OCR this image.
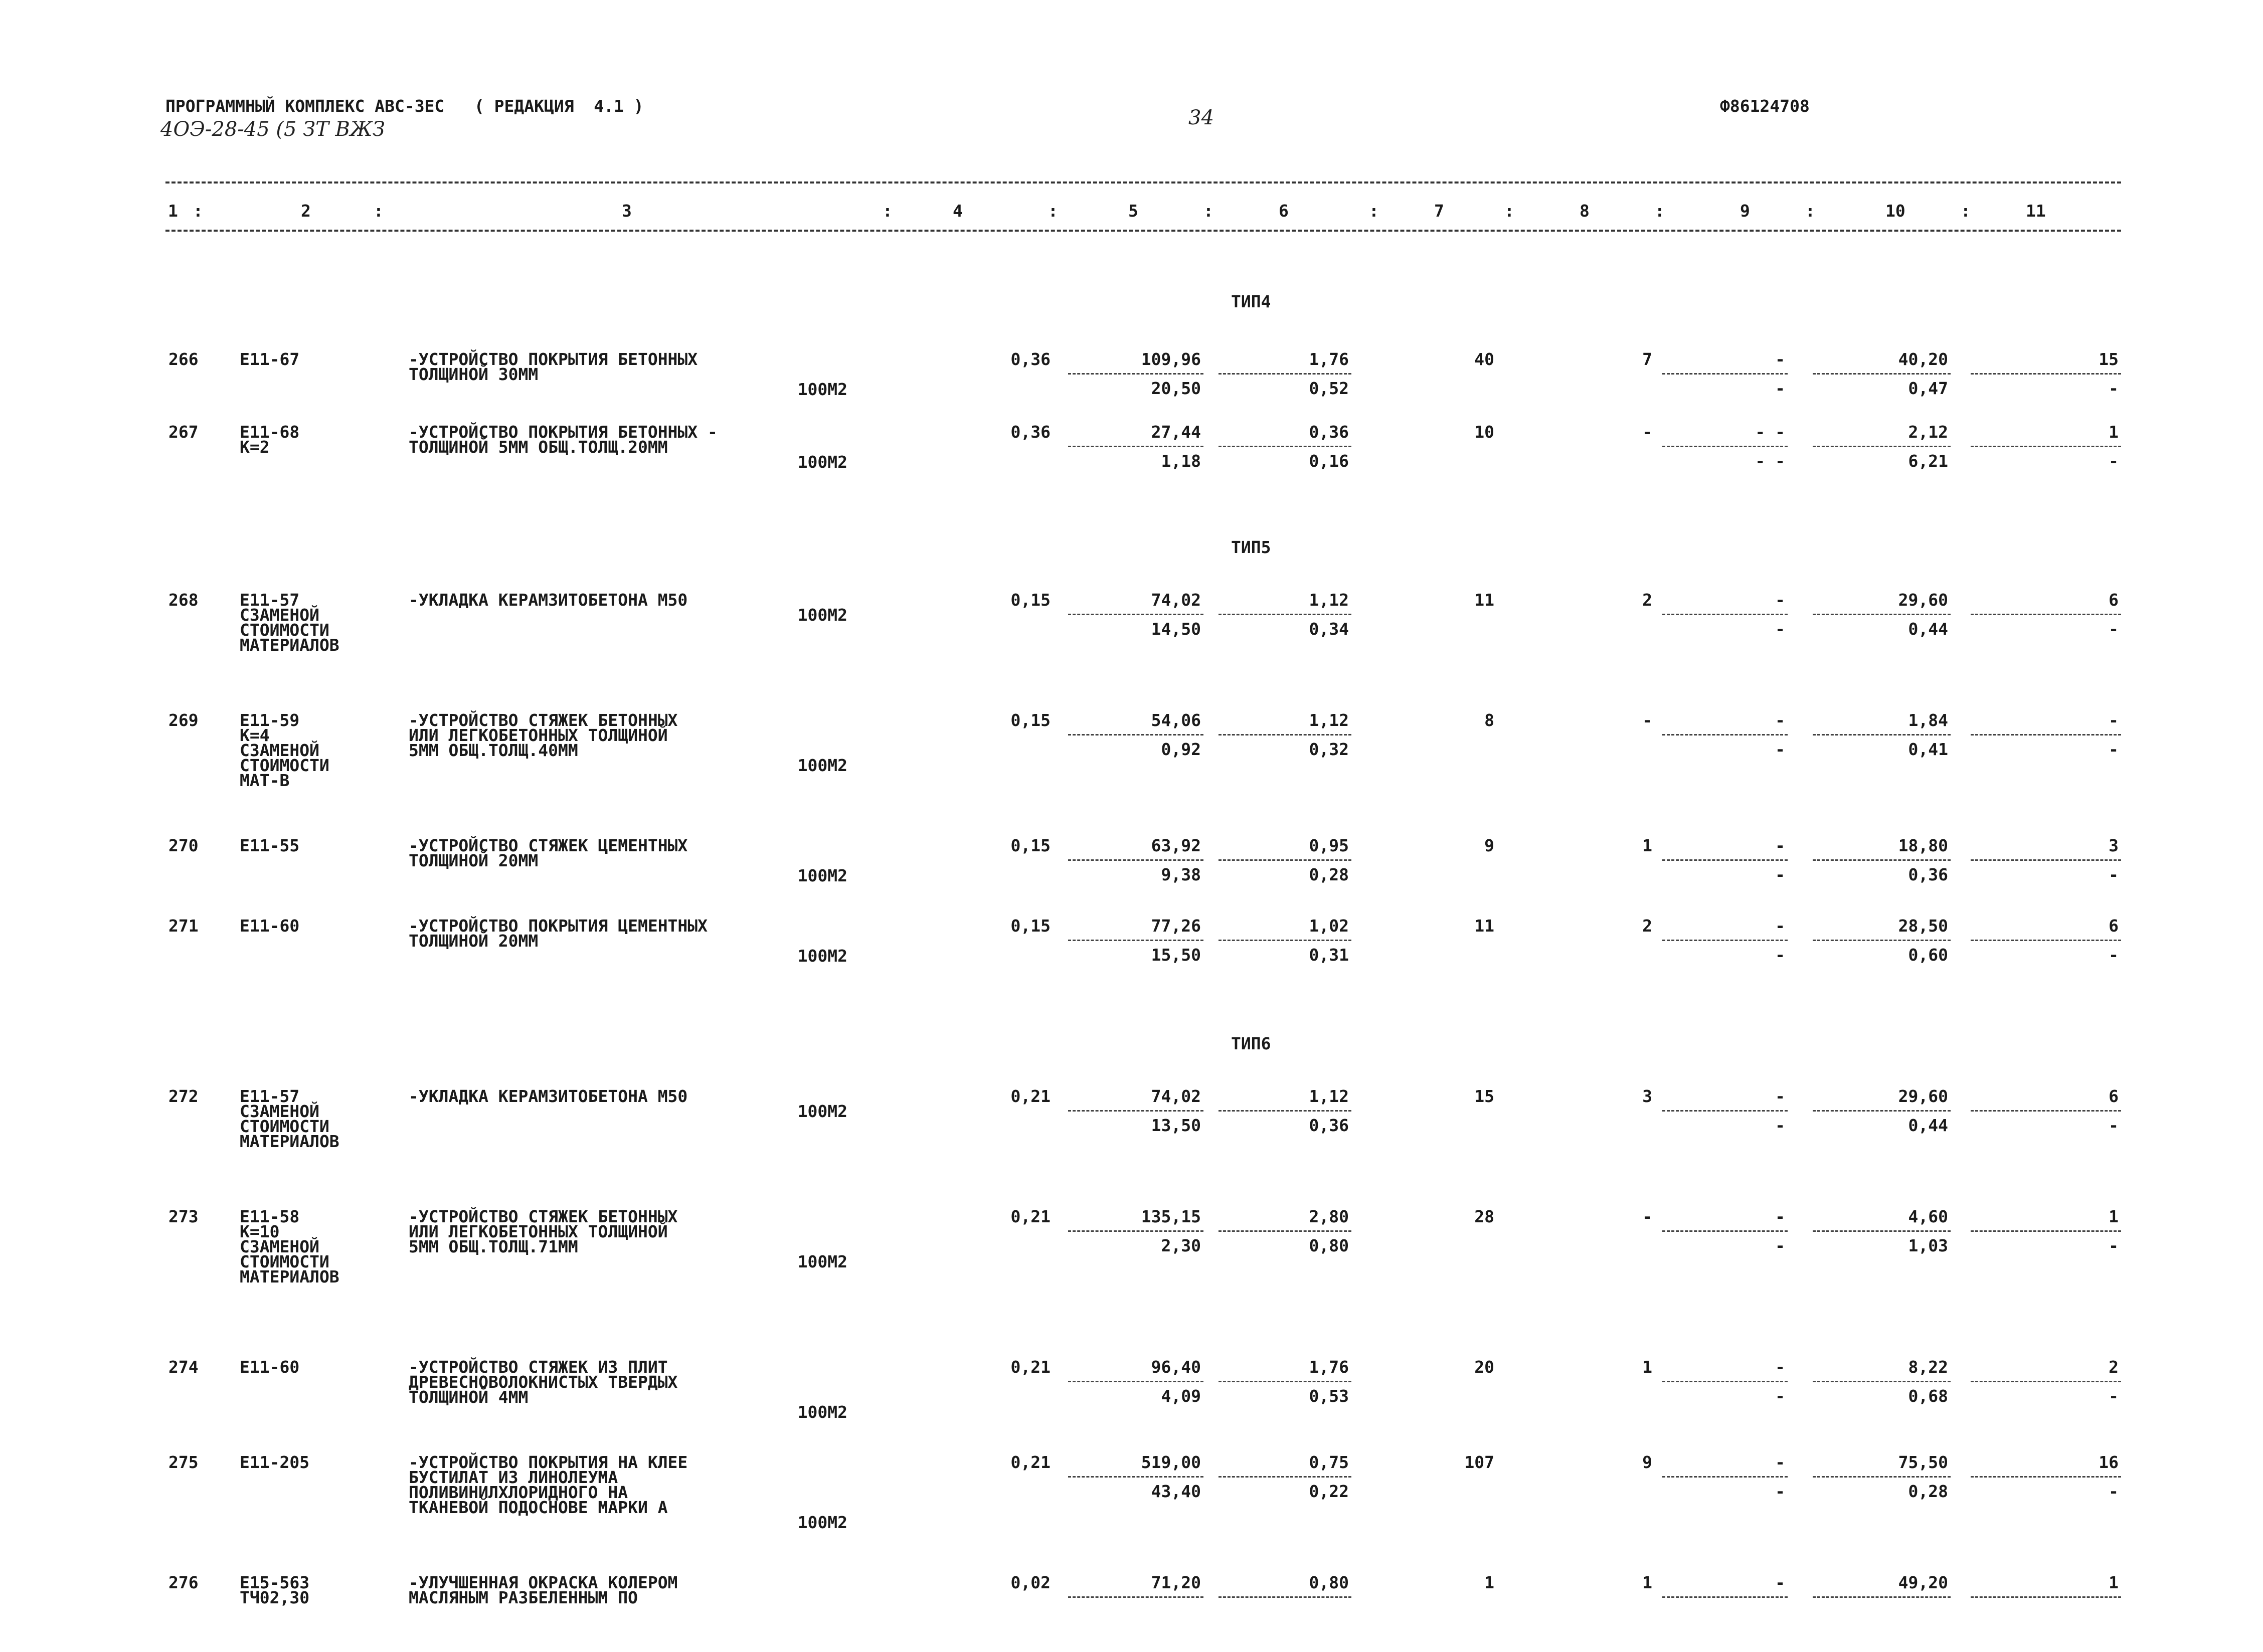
ПРОГРАММНЫЙ КОМПЛЕКС АВС-ЗЕС   ( РЕДАКЦИЯ  4.1 )
4ОЭ-28-45 (5 ЗТ ВЖЗ	34
Ф86124708
1 :	2	:	3	:	4	:	5	:	6	:	7	:	8	:	9	:	10	:	11
ТИП4
266 Е11-67	-УСТРОЙСТВО ПОКРЫТИЯ БЕТОННЫХ
ТОЛЩИНОЙ 30ММ
100М2
0,36	109,96	1,76	40	7	-	40,20	15
20,50	0,52	-	0,47	-
267 Е11-68
К=2
-УСТРОЙСТВО ПОКРЫТИЯ БЕТОННЫХ -
ТОЛЩИНОЙ 5ММ ОБЩ.ТОЛЩ.20ММ
100М2
0,36	27,44	0,36	10	-	- -	2,12	1
1,18	0,16	- -	6,21	-
ТИП5
268 Е11-57
СЗАМЕНОЙ
СТОИМОСТИ
МАТЕРИАЛОВ
-УКЛАДКА КЕРАМЗИТОБЕТОНА М50
100М2
0,15	74,02	1,12	11	2	-	29,60	6
14,50	0,34	-	0,44	-
269 Е11-59
К=4
СЗАМЕНОЙ
СТОИМОСТИ
МАТ-В
-УСТРОЙСТВО СТЯЖЕК БЕТОННЫХ
ИЛИ ЛЕГКОБЕТОННЫХ ТОЛЩИНОЙ
5ММ ОБЩ.ТОЛЩ.40ММ
100М2
0,15	54,06	1,12	8	-	-	1,84	-
0,92	0,32	-	0,41	-
270 Е11-55	-УСТРОЙСТВО СТЯЖЕК ЦЕМЕНТНЫХ
ТОЛЩИНОЙ 20ММ
100М2
0,15	63,92	0,95	9	1	-	18,80	3
9,38	0,28	-	0,36	-
271 Е11-60	-УСТРОЙСТВО ПОКРЫТИЯ ЦЕМЕНТНЫХ
ТОЛЩИНОЙ 20ММ
100М2
0,15	77,26	1,02	11	2	-	28,50	6
15,50	0,31	-	0,60	-
ТИП6
272 Е11-57
СЗАМЕНОЙ
СТОИМОСТИ
МАТЕРИАЛОВ
-УКЛАДКА КЕРАМЗИТОБЕТОНА М50
100М2
0,21	74,02	1,12	15	3	-	29,60	6
13,50	0,36	-	0,44	-
273 Е11-58
К=10
СЗАМЕНОЙ
СТОИМОСТИ
МАТЕРИАЛОВ
-УСТРОЙСТВО СТЯЖЕК БЕТОННЫХ
ИЛИ ЛЕГКОБЕТОННЫХ ТОЛЩИНОЙ
5ММ ОБЩ.ТОЛЩ.71ММ
100М2
0,21	135,15	2,80	28	-	-	4,60	1
2,30	0,80	-	1,03	-
274 Е11-60	-УСТРОЙСТВО СТЯЖЕК ИЗ ПЛИТ
ДРЕВЕСНОВОЛОКНИСТЫХ ТВЕРДЫХ
ТОЛЩИНОЙ 4ММ
100М2
0,21	96,40	1,76	20	1	-	8,22	2
4,09	0,53	-	0,68	-
275 Е11-205	-УСТРОЙСТВО ПОКРЫТИЯ НА КЛЕЕ
БУСТИЛАТ ИЗ ЛИНОЛЕУМА
ПОЛИВИНИЛХЛОРИДНОГО НА
ТКАНЕВОЙ ПОДОСНОВЕ МАРКИ А
100М2
0,21	519,00	0,75	107	9	-	75,50	16
43,40	0,22	-	0,28	-
276 Е15-563
ТЧ02,30
-УЛУЧШЕННАЯ ОКРАСКА КОЛЕРОМ
МАСЛЯНЫМ РАЗБЕЛЕННЫМ ПО
0,02	71,20	0,80	1	1	-	49,20	1
